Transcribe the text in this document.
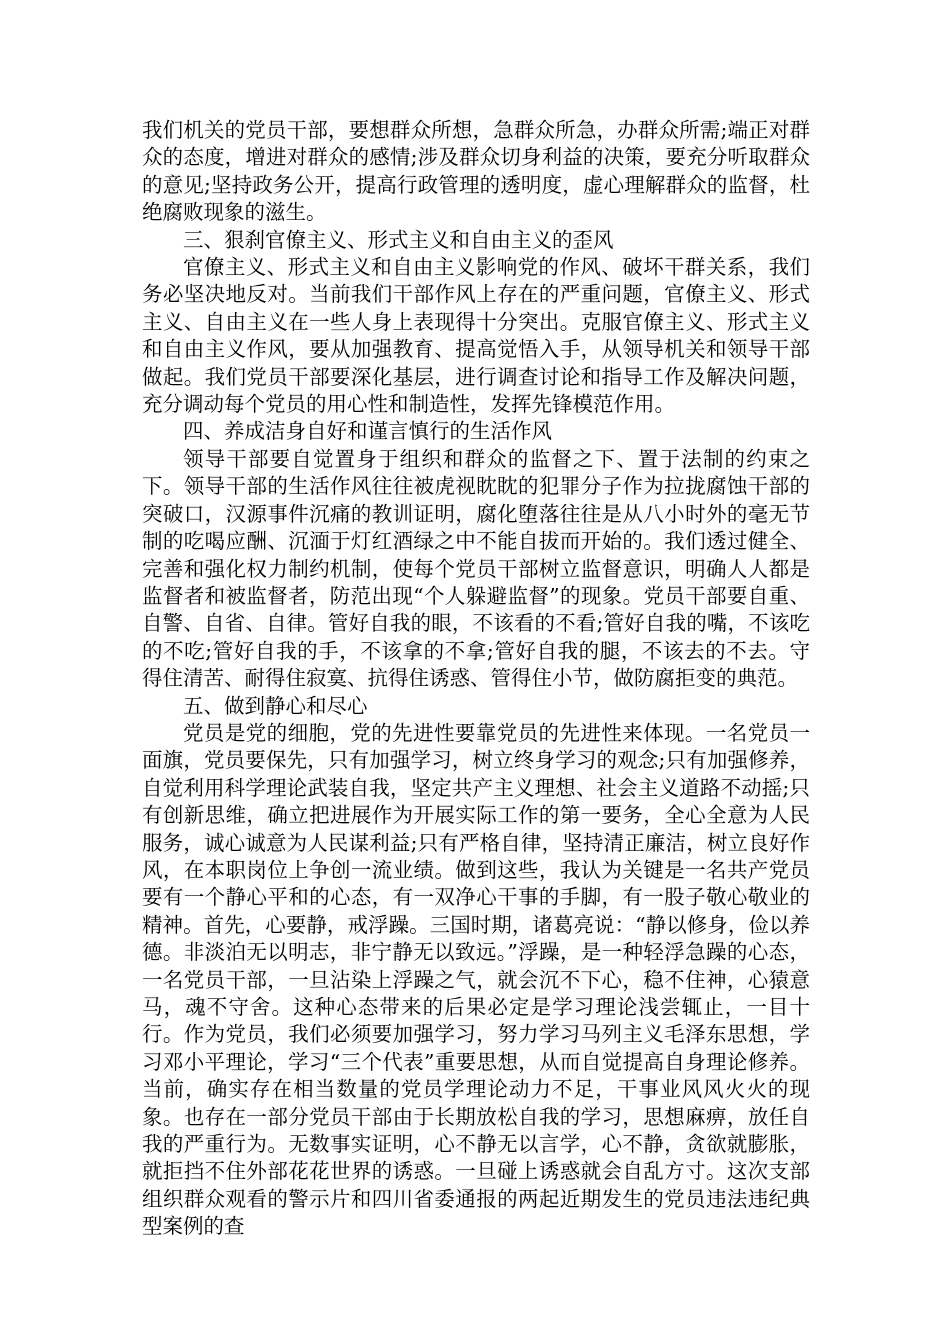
我们机关的党员干部，要想群众所想，急群众所急，办群众所需;端正对群众的态度，增进对群众的感情;涉及群众切身利益的决策，要充分听取群众的意见;坚持政务公开，提高行政管理的透明度，虚心理解群众的监督，杜绝腐败现象的滋生。

三、狠刹官僚主义、形式主义和自由主义的歪风

官僚主义、形式主义和自由主义影响党的作风、破坏干群关系，我们务必坚决地反对。当前我们干部作风上存在的严重问题，官僚主义、形式主义、自由主义在一些人身上表现得十分突出。克服官僚主义、形式主义和自由主义作风，要从加强教育、提高觉悟入手，从领导机关和领导干部做起。我们党员干部要深化基层，进行调查讨论和指导工作及解决问题，充分调动每个党员的用心性和制造性，发挥先锋模范作用。

四、养成洁身自好和谨言慎行的生活作风

领导干部要自觉置身于组织和群众的监督之下、置于法制的约束之下。领导干部的生活作风往往被虎视眈眈的犯罪分子作为拉拢腐蚀干部的突破口，汉源事件沉痛的教训证明，腐化堕落往往是从八小时外的毫无节制的吃喝应酬、沉湎于灯红酒绿之中不能自拔而开始的。我们透过健全、完善和强化权力制约机制，使每个党员干部树立监督意识，明确人人都是监督者和被监督者，防范出现“个人躲避监督”的现象。党员干部要自重、自警、自省、自律。管好自我的眼，不该看的不看;管好自我的嘴，不该吃的不吃;管好自我的手，不该拿的不拿;管好自我的腿，不该去的不去。守得住清苦、耐得住寂寞、抗得住诱惑、管得住小节，做防腐拒变的典范。

五、做到静心和尽心

党员是党的细胞，党的先进性要靠党员的先进性来体现。一名党员一面旗，党员要保先，只有加强学习，树立终身学习的观念;只有加强修养，自觉利用科学理论武装自我，坚定共产主义理想、社会主义道路不动摇;只有创新思维，确立把进展作为开展实际工作的第一要务，全心全意为人民服务，诚心诚意为人民谋利益;只有严格自律，坚持清正廉洁，树立良好作风，在本职岗位上争创一流业绩。做到这些，我认为关键是一名共产党员要有一个静心平和的心态，有一双净心干事的手脚，有一股子敬心敬业的精神。首先，心要静，戒浮躁。三国时期，诸葛亮说：“静以修身，俭以养德。非淡泊无以明志，非宁静无以致远。”浮躁，是一种轻浮急躁的心态，一名党员干部，一旦沾染上浮躁之气，就会沉不下心，稳不住神，心猿意马，魂不守舍。这种心态带来的后果必定是学习理论浅尝辄止，一目十行。作为党员，我们必须要加强学习，努力学习马列主义毛泽东思想，学习邓小平理论，学习“三个代表”重要思想，从而自觉提高自身理论修养。当前，确实存在相当数量的党员学理论动力不足，干事业风风火火的现象。也存在一部分党员干部由于长期放松自我的学习，思想麻痹，放任自我的严重行为。无数事实证明，心不静无以言学，心不静，贪欲就膨胀，就拒挡不住外部花花世界的诱惑。一旦碰上诱惑就会自乱方寸。这次支部组织群众观看的警示片和四川省委通报的两起近期发生的党员违法违纪典型案例的查
